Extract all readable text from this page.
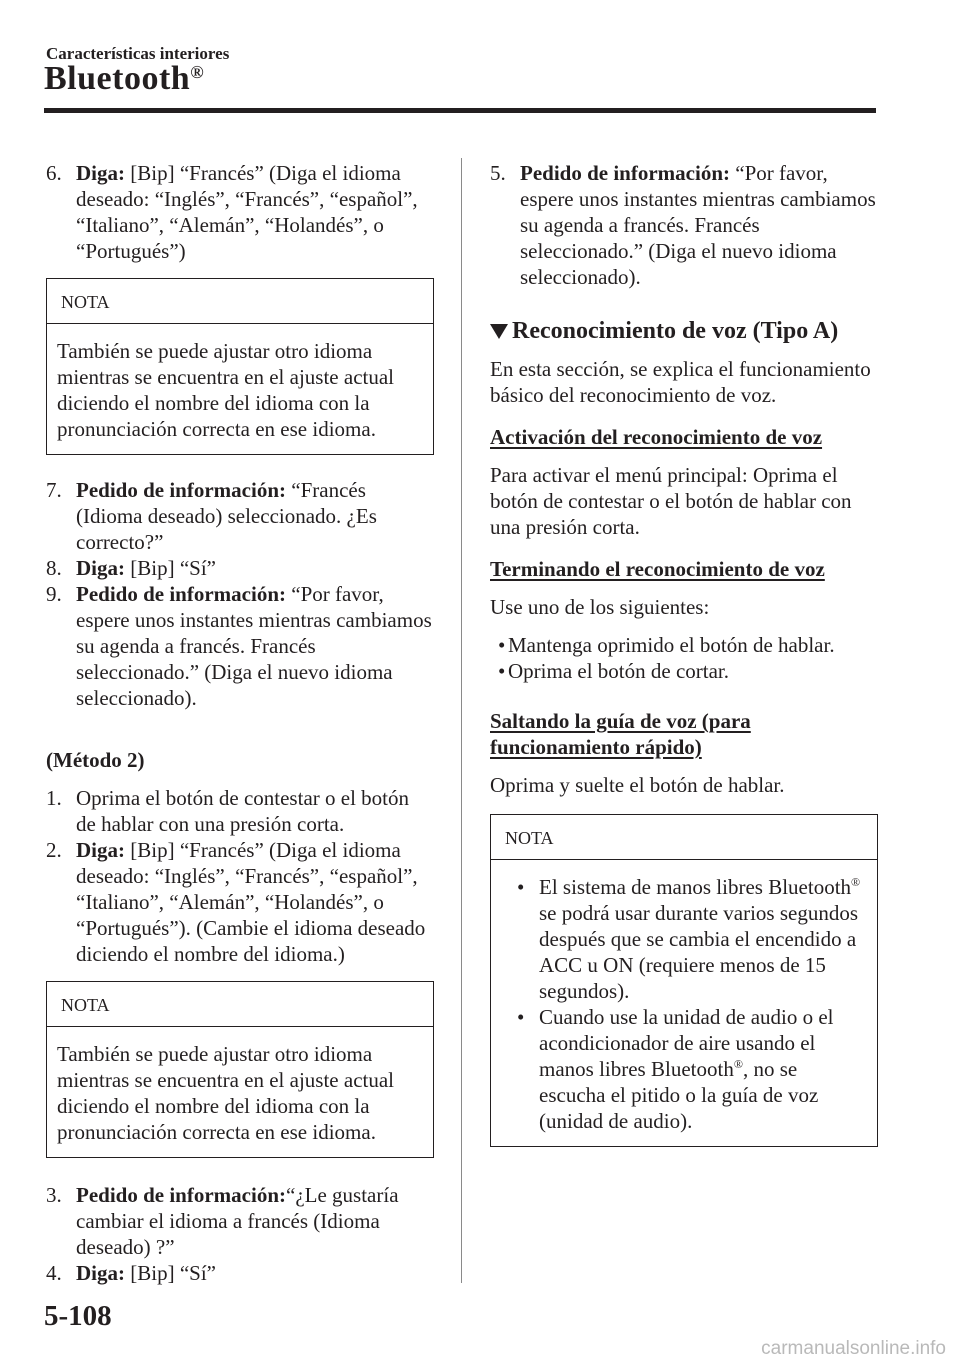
Características interiores
Bluetooth®

6. Diga: [Bip] “Francés” (Diga el idioma deseado: “Inglés”, “Francés”, “español”, “Italiano”, “Alemán”, “Holandés”, o “Portugués”)

NOTA
También se puede ajustar otro idioma mientras se encuentra en el ajuste actual diciendo el nombre del idioma con la pronunciación correcta en ese idioma.

7. Pedido de información: “Francés (Idioma deseado) seleccionado. ¿Es correcto?”

8. Diga: [Bip] “Sí”

9. Pedido de información: “Por favor, espere unos instantes mientras cambiamos su agenda a francés. Francés seleccionado.” (Diga el nuevo idioma seleccionado).

(Método 2)

1. Oprima el botón de contestar o el botón de hablar con una presión corta.

2. Diga: [Bip] “Francés” (Diga el idioma deseado: “Inglés”, “Francés”, “español”, “Italiano”, “Alemán”, “Holandés”, o “Portugués”). (Cambie el idioma deseado diciendo el nombre del idioma.)

NOTA
También se puede ajustar otro idioma mientras se encuentra en el ajuste actual diciendo el nombre del idioma con la pronunciación correcta en ese idioma.

3. Pedido de información:“¿Le gustaría cambiar el idioma a francés (Idioma deseado) ?”

4. Diga: [Bip] “Sí”

5. Pedido de información: “Por favor, espere unos instantes mientras cambiamos su agenda a francés. Francés seleccionado.” (Diga el nuevo idioma seleccionado).

Reconocimiento de voz (Tipo A)

En esta sección, se explica el funcionamiento básico del reconocimiento de voz.

Activación del reconocimiento de voz

Para activar el menú principal: Oprima el botón de contestar o el botón de hablar con una presión corta.

Terminando el reconocimiento de voz

Use uno de los siguientes:

• Mantenga oprimido el botón de hablar.

• Oprima el botón de cortar.

Saltando la guía de voz (para funcionamiento rápido)

Oprima y suelte el botón de hablar.

NOTA
• El sistema de manos libres Bluetooth® se podrá usar durante varios segundos después que se cambia el encendido a ACC u ON (requiere menos de 15 segundos).
• Cuando use la unidad de audio o el acondicionador de aire usando el manos libres Bluetooth®, no se escucha el pitido o la guía de voz (unidad de audio).
5-108
carmanualsonline.info
